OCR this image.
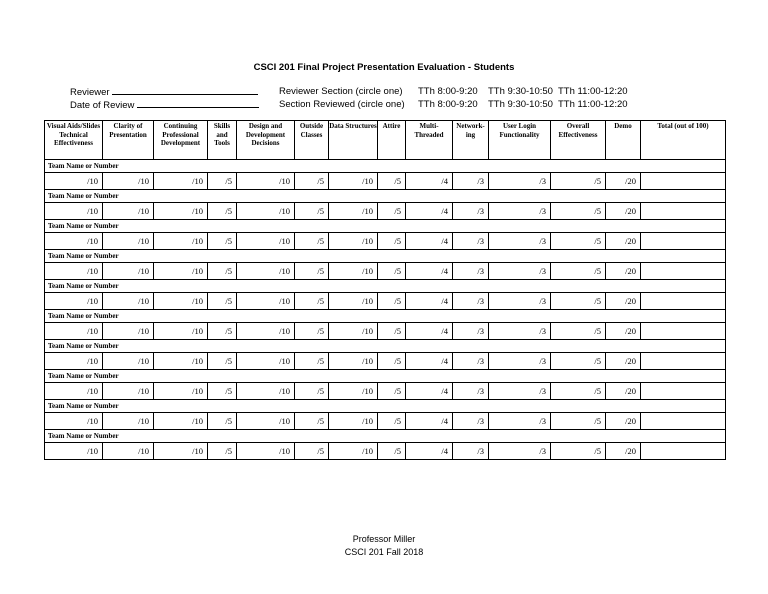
CSCI 201 Final Project Presentation Evaluation - Students
Reviewer
Date of Review
Reviewer Section (circle one) TTh 8:00-9:20 TTh 9:30-10:50 TTh 11:00-12:20
Section Reviewed (circle one) TTh 8:00-9:20 TTh 9:30-10:50 TTh 11:00-12:20
Visual Aids/Slides Technical Effectiveness	Clarity of Presentation	Continuing Professional Development	Skills and Tools	Design and Development Decisions	Outside Classes	Data Structures	Attire	Multi-Threaded	Network-ing	User Login Functionality	Overall Effectiveness	Demo	Total (out of 100)
Team Name or Number													
/10	/10	/10	/5	/10	/5	/10	/5	/4	/3	/3	/5	/20	
Team Name or Number													
/10	/10	/10	/5	/10	/5	/10	/5	/4	/3	/3	/5	/20	
Team Name or Number													
/10	/10	/10	/5	/10	/5	/10	/5	/4	/3	/3	/5	/20	
Team Name or Number													
/10	/10	/10	/5	/10	/5	/10	/5	/4	/3	/3	/5	/20	
Team Name or Number													
/10	/10	/10	/5	/10	/5	/10	/5	/4	/3	/3	/5	/20	
Team Name or Number													
/10	/10	/10	/5	/10	/5	/10	/5	/4	/3	/3	/5	/20	
Team Name or Number													
/10	/10	/10	/5	/10	/5	/10	/5	/4	/3	/3	/5	/20	
Team Name or Number													
/10	/10	/10	/5	/10	/5	/10	/5	/4	/3	/3	/5	/20	
Team Name or Number													
/10	/10	/10	/5	/10	/5	/10	/5	/4	/3	/3	/5	/20	
Team Name or Number													
/10	/10	/10	/5	/10	/5	/10	/5	/4	/3	/3	/5	/20	
Professor Miller
CSCI 201 Fall 2018
